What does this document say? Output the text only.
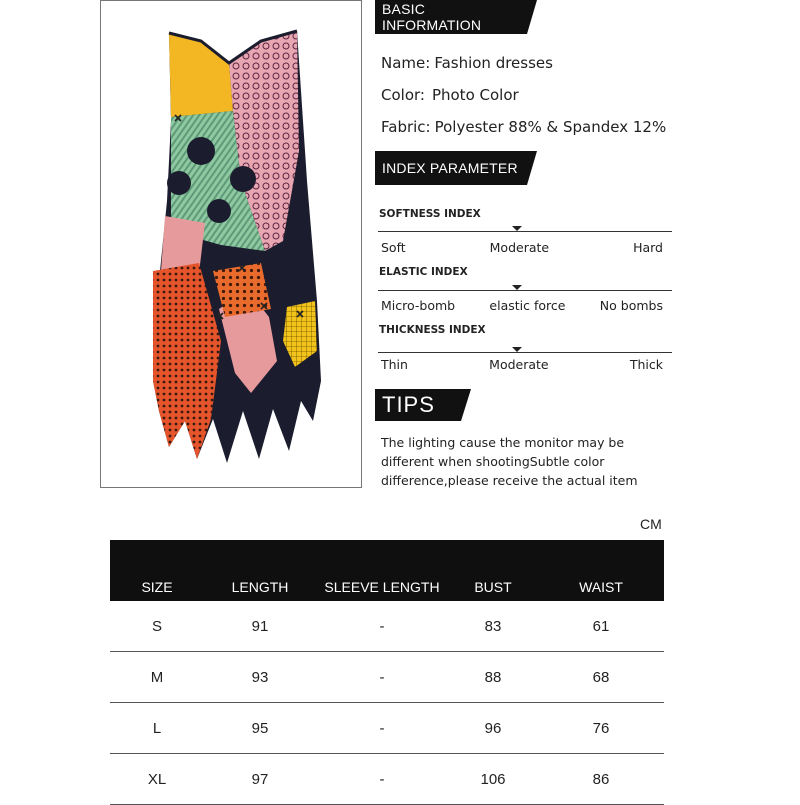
BASIC INFORMATION
Name: Fashion dresses
Color: Photo Color
Fabric: Polyester 88% & Spandex 12%
INDEX PARAMETER
SOFTNESS INDEX
Soft	Moderate	Hard
ELASTIC INDEX
Micro-bomb	elastic force	No bombs
THICKNESS INDEX
Thin	Moderate	Thick
TIPS
The lighting cause the monitor may be different when shootingSubtle color difference,please receive the actual item
CM
SIZE	LENGTH	SLEEVE LENGTH	BUST	WAIST
S	91	-	83	61
M	93	-	88	68
L	95	-	96	76
XL	97	-	106	86
